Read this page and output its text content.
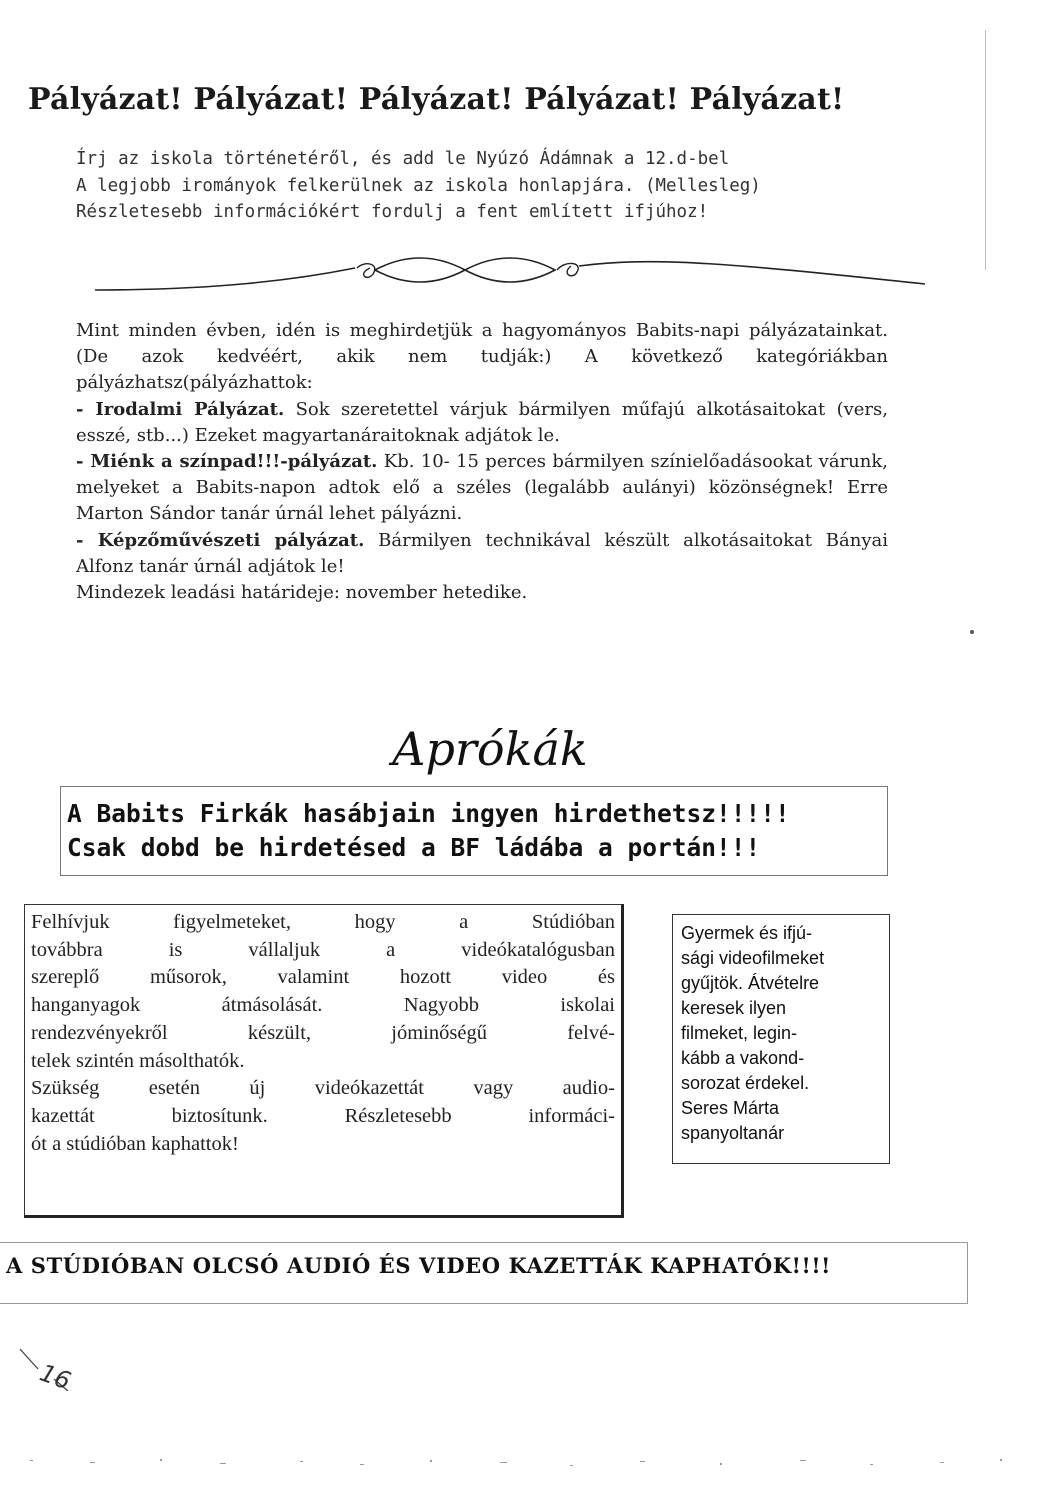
Pályázat! Pályázat! Pályázat! Pályázat! Pályázat!
Írj az iskola történetéről, és add le Nyúzó Ádámnak a 12.d-bel
A legjobb irományok felkerülnek az iskola honlapjára. (Mellesleg)
Részletesebb információkért fordulj a fent említett ifjúhoz!

Mint minden évben, idén is meghirdetjük a hagyományos Babits-napi pályázatainkat. (De azok kedvéért, akik nem tudják:) A következő kategóriákban pályázhatsz(pályázhattok:

- Irodalmi Pályázat. Sok szeretettel várjuk bármilyen műfajú alkotásaitokat (vers, esszé, stb...) Ezeket magyartanáraitoknak adjátok le.

- Miénk a színpad!!!-pályázat. Kb. 10- 15 perces bármilyen színielőadásookat várunk, melyeket a Babits-napon adtok elő a széles (legalább aulányi) közönségnek! Erre Marton Sándor tanár úrnál lehet pályázni.

- Képzőművészeti pályázat. Bármilyen technikával készült alkotásaitokat Bányai Alfonz tanár úrnál adjátok le!

Mindezek leadási határideje: november hetedike.

Aprókák
A Babits Firkák hasábjain ingyen hirdethetsz!!!!!
Csak dobd be hirdetésed a BF ládába a portán!!!
Felhívjuk figyelmeteket, hogy a Stúdióban
továbbra is vállaljuk a videókatalógusban
szereplő műsorok, valamint hozott video és
hanganyagok átmásolását. Nagyobb iskolai
rendezvényekről készült, jóminőségű felvé-
telek szintén másolthatók.
Szükség esetén új videókazettát vagy audio-
kazettát biztosítunk. Részletesebb informáci-
ót a stúdióban kaphattok!
Gyermek és ifjú-
sági videofilmeket
gyűjtök. Átvételre
keresek ilyen
filmeket, legin-
kább a vakond-
sorozat érdekel.
Seres Márta
spanyoltanár
A STÚDIÓBAN OLCSÓ AUDIÓ ÉS VIDEO KAZETTÁK KAPHATÓK!!!!
16
